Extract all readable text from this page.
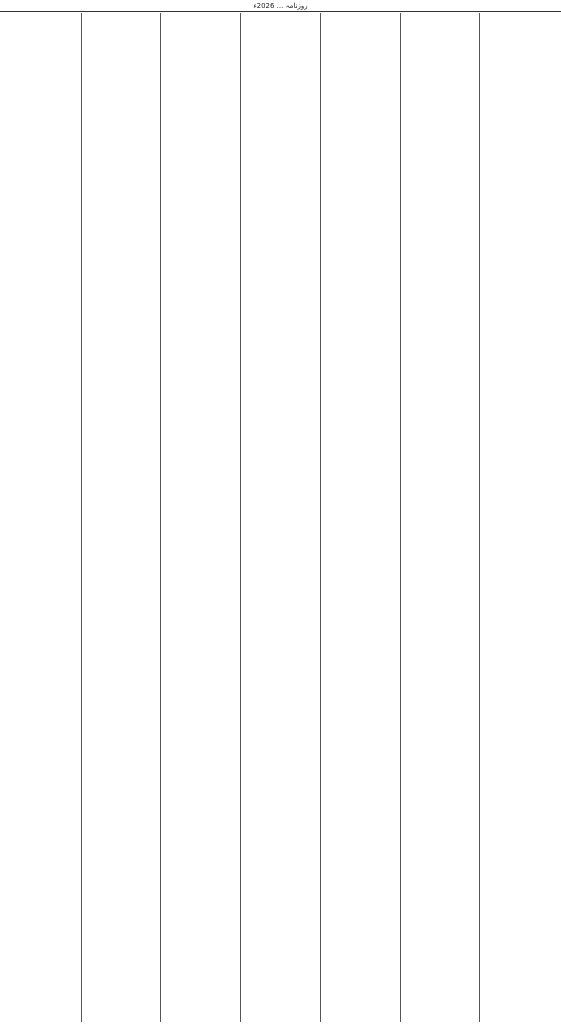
روزنامہ ... 2026ء
